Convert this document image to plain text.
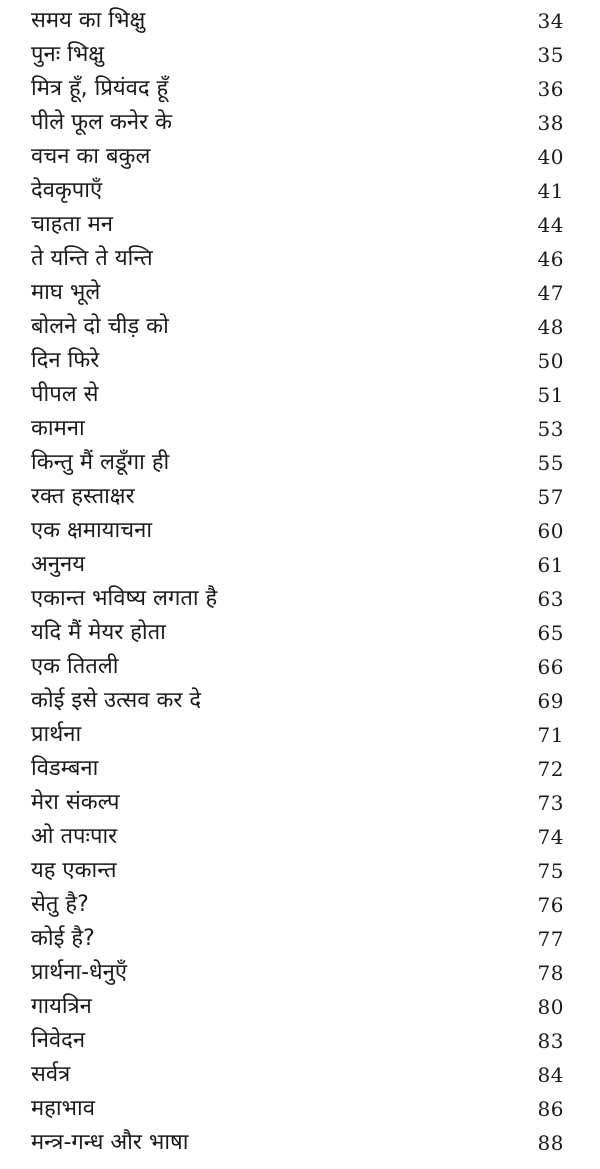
समय का भिक्षु	34
पुनः भिक्षु	35
मित्र हूँ, प्रियंवद हूँ	36
पीले फूल कनेर के	38
वचन का बकुल	40
देवकृपाएँ	41
चाहता मन	44
ते यन्ति ते यन्ति	46
माघ भूले	47
बोलने दो चीड़ को	48
दिन फिरे	50
पीपल से	51
कामना	53
किन्तु मैं लडूँगा ही	55
रक्त हस्ताक्षर	57
एक क्षमायाचना	60
अनुनय	61
एकान्त भविष्य लगता है	63
यदि मैं मेयर होता	65
एक तितली	66
कोई इसे उत्सव कर दे	69
प्रार्थना	71
विडम्बना	72
मेरा संकल्प	73
ओ तपःपार	74
यह एकान्त	75
सेतु है?	76
कोई है?	77
प्रार्थना-धेनुएँ	78
गायत्रिन	80
निवेदन	83
सर्वत्र	84
महाभाव	86
मन्त्र-गन्ध और भाषा	88
